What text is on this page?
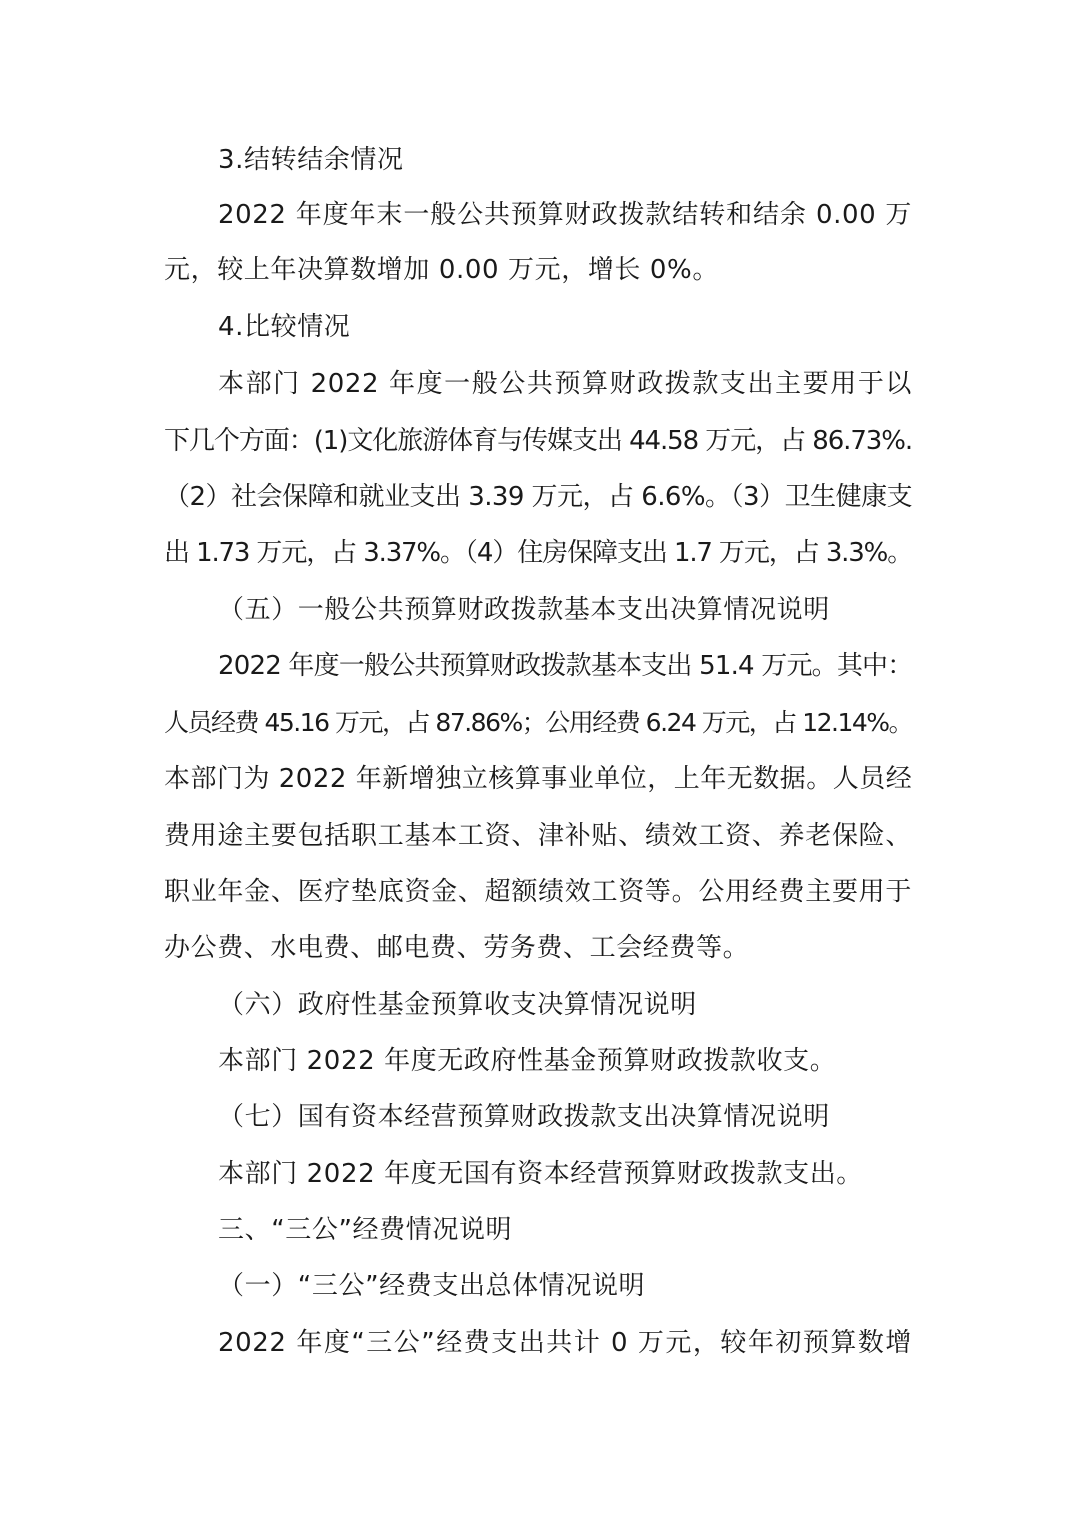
3.结转结余情况
2022 年度年末一般公共预算财政拨款结转和结余 0.00 万
元，较上年决算数增加 0.00 万元，增长 0%。
4.比较情况
本部门 2022 年度一般公共预算财政拨款支出主要用于以
下几个方面：(1)文化旅游体育与传媒支出 44.58 万元，占 86.73%.
（2）社会保障和就业支出 3.39 万元，占 6.6%。（3）卫生健康支
出 1.73 万元，占 3.37%。（4）住房保障支出 1.7 万元，占 3.3%。
（五）一般公共预算财政拨款基本支出决算情况说明
2022 年度一般公共预算财政拨款基本支出 51.4 万元。其中：
人员经费 45.16 万元，占 87.86%；公用经费 6.24 万元，占 12.14%。
本部门为 2022 年新增独立核算事业单位，上年无数据。人员经
费用途主要包括职工基本工资、津补贴、绩效工资、养老保险、
职业年金、医疗垫底资金、超额绩效工资等。公用经费主要用于
办公费、水电费、邮电费、劳务费、工会经费等。
（六）政府性基金预算收支决算情况说明
本部门 2022 年度无政府性基金预算财政拨款收支。
（七）国有资本经营预算财政拨款支出决算情况说明
本部门 2022 年度无国有资本经营预算财政拨款支出。
三、“三公”经费情况说明
（一）“三公”经费支出总体情况说明
2022 年度“三公”经费支出共计 0 万元，较年初预算数增
